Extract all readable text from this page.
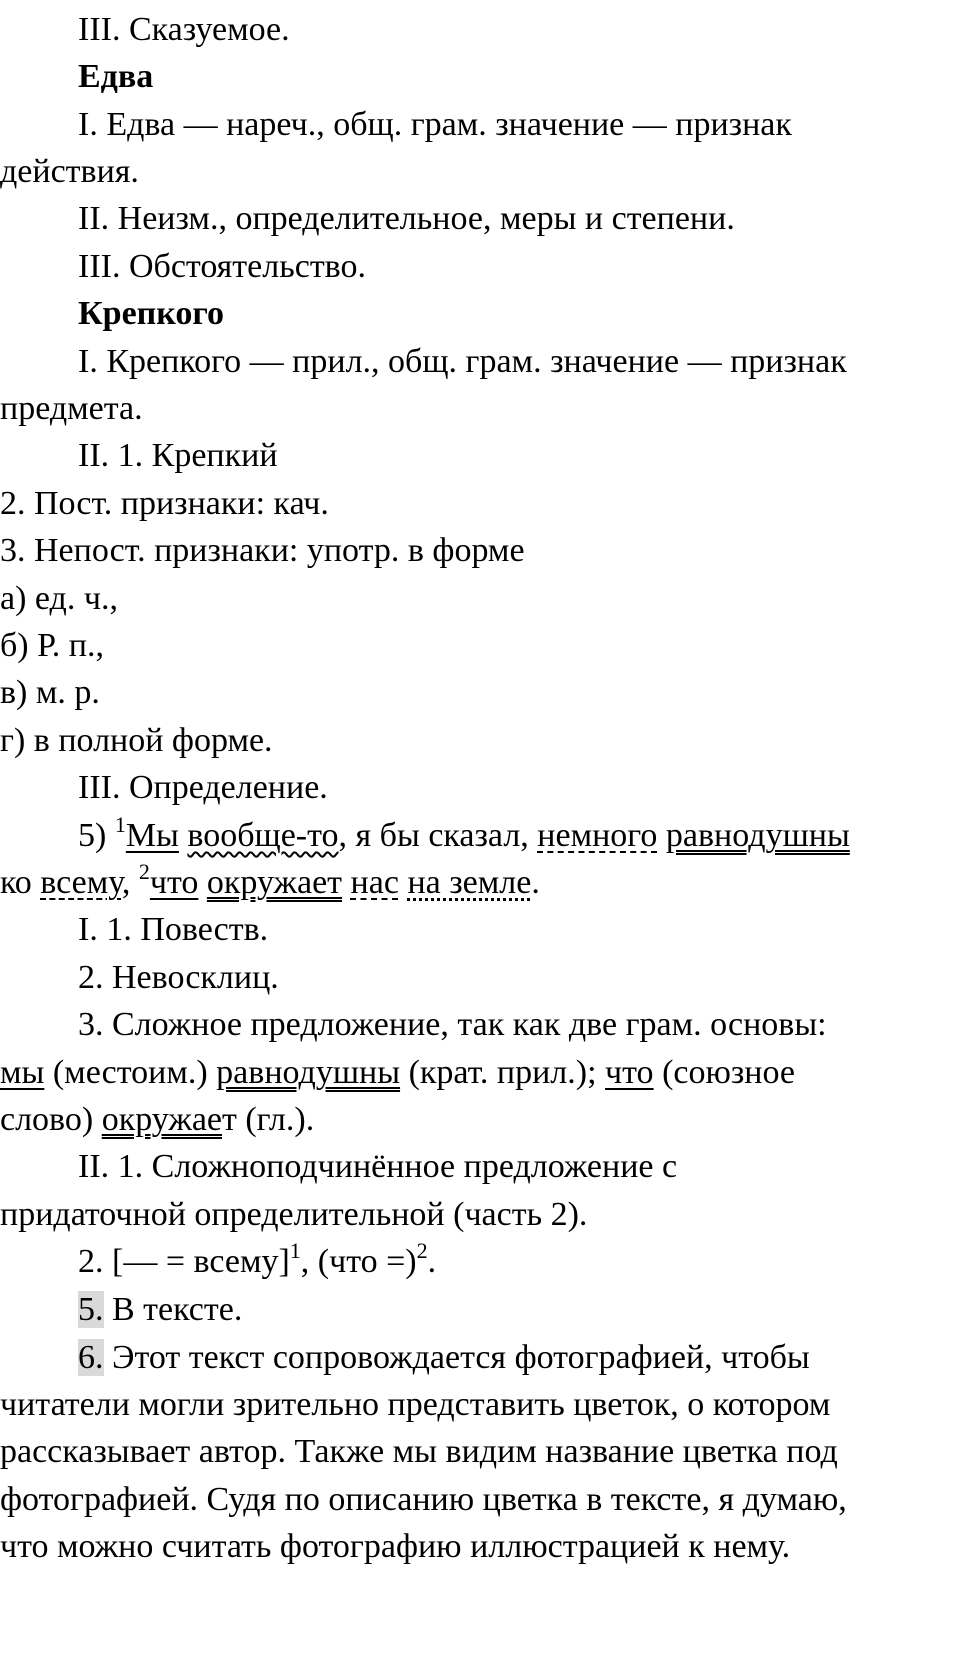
III. Сказуемое.
Едва
I. Едва — нареч., общ. грам. значение — признак
действия.
II. Неизм., определительное, меры и степени.
III. Обстоятельство.
Крепкого
I. Крепкого — прил., общ. грам. значение — признак
предмета.
II. 1. Крепкий
2. Пост. признаки: кач.
3. Непост. признаки: употр. в форме
а) ед. ч.,
б) Р. п.,
в) м. р.
г) в полной форме.
III. Определение.
5) $^1$Мы вообще-то, я бы сказал, немного равнодушны
ко всему, $^2$что окружает нас на земле.
I. 1. Повеств.
2. Невосклиц.
3. Сложное предложение, так как две грам. основы:
мы (местоим.) равнодушны (крат. прил.); что (союзное
слово) окружает (гл.).
II. 1. Сложноподчинённое предложение с
придаточной определительной (часть 2).
2. [— = всему]$^1$, (что =)$^2$.
5. В тексте.
6. Этот текст сопровождается фотографией, чтобы
читатели могли зрительно представить цветок, о котором
рассказывает автор. Также мы видим название цветка под
фотографией. Судя по описанию цветка в тексте, я думаю,
что можно считать фотографию иллюстрацией к нему.
